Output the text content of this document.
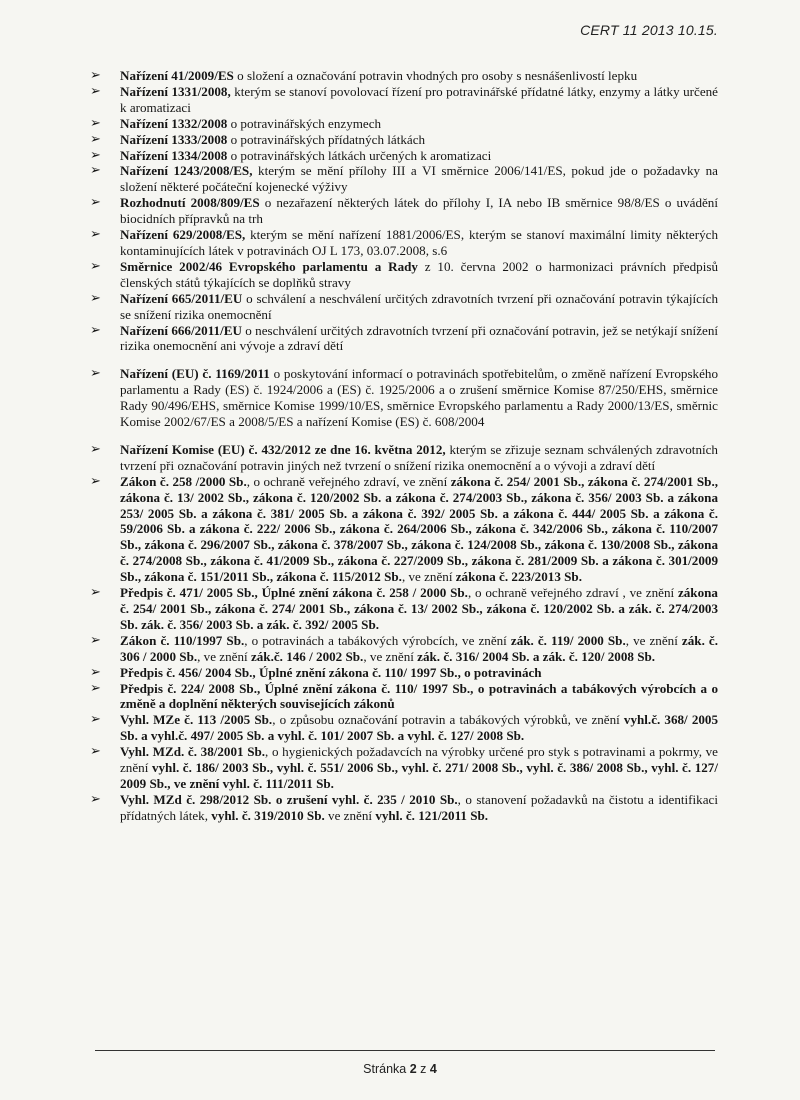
CERT 11 2013 10.15.
➢ Nařízení 41/2009/ES o složení a označování potravin vhodných pro osoby s nesnášenlivostí lepku
➢ Nařízení 1331/2008, kterým se stanoví povolovací řízení pro potravinářské přídatné látky, enzymy a látky určené k aromatizaci
➢ Nařízení 1332/2008 o potravinářských enzymech
➢ Nařízení 1333/2008 o potravinářských přídatných látkách
➢ Nařízení 1334/2008 o potravinářských látkách určených k aromatizaci
➢ Nařízení 1243/2008/ES, kterým se mění přílohy III a VI směrnice 2006/141/ES, pokud jde o požadavky na složení některé počáteční kojenecké výživy
➢ Rozhodnutí 2008/809/ES o nezařazení některých látek do přílohy I, IA nebo IB směrnice 98/8/ES o uvádění biocidních přípravků na trh
➢ Nařízení 629/2008/ES, kterým se mění nařízení 1881/2006/ES, kterým se stanoví maximální limity některých kontaminujících látek v potravinách OJ L 173, 03.07.2008, s.6
➢ Směrnice 2002/46 Evropského parlamentu a Rady z 10. června 2002 o harmonizaci právních předpisů členských států týkajících se doplňků stravy
➢ Nařízení 665/2011/EU o schválení a neschválení určitých zdravotních tvrzení při označování potravin týkajících se snížení rizika onemocnění
➢ Nařízení 666/2011/EU o neschválení určitých zdravotních tvrzení při označování potravin, jež se netýkají snížení rizika onemocnění ani vývoje a zdraví dětí
➢ Nařízení (EU) č. 1169/2011 o poskytování informací o potravinách spotřebitelům, o změně nařízení Evropského parlamentu a Rady (ES) č. 1924/2006 a (ES) č. 1925/2006 a o zrušení směrnice Komise 87/250/EHS, směrnice Rady 90/496/EHS, směrnice Komise 1999/10/ES, směrnice Evropského parlamentu a Rady 2000/13/ES, směrnic Komise 2002/67/ES a 2008/5/ES a nařízení Komise (ES) č. 608/2004
➢ Nařízení Komise (EU) č. 432/2012 ze dne 16. května 2012, kterým se zřizuje seznam schválených zdravotních tvrzení při označování potravin jiných než tvrzení o snížení rizika onemocnění a o vývoji a zdraví dětí
➢ Zákon č. 258 /2000 Sb., o ochraně veřejného zdraví, ve znění zákona č. 254/ 2001 Sb., zákona č. 274/2001 Sb., zákona č. 13/ 2002 Sb., zákona č. 120/2002 Sb. a zákona č. 274/2003 Sb., zákona č. 356/ 2003 Sb. a zákona 253/ 2005 Sb. a zákona č. 381/ 2005 Sb. a zákona č. 392/ 2005 Sb. a zákona č. 444/ 2005 Sb. a zákona č. 59/2006 Sb. a zákona č. 222/ 2006 Sb., zákona č. 264/2006 Sb., zákona č. 342/2006 Sb., zákona č. 110/2007 Sb., zákona č. 296/2007 Sb., zákona č. 378/2007 Sb., zákona č. 124/2008 Sb., zákona č. 130/2008 Sb., zákona č. 274/2008 Sb., zákona č. 41/2009 Sb., zákona č. 227/2009 Sb., zákona č. 281/2009 Sb. a zákona č. 301/2009 Sb., zákona č. 151/2011 Sb., zákona č. 115/2012 Sb., ve znění zákona č. 223/2013 Sb.
➢ Předpis č. 471/ 2005 Sb., Úplné znění zákona č. 258 / 2000 Sb., o ochraně veřejného zdraví , ve znění zákona č. 254/ 2001 Sb., zákona č. 274/ 2001 Sb., zákona č. 13/ 2002 Sb., zákona č. 120/2002 Sb. a zák. č. 274/2003 Sb. zák. č. 356/ 2003 Sb. a zák. č. 392/ 2005 Sb.
➢ Zákon č. 110/1997 Sb., o potravinách a tabákových výrobcích, ve znění zák. č. 119/ 2000 Sb., ve znění zák. č. 306 / 2000 Sb., ve znění zák.č. 146 / 2002 Sb., ve znění zák. č. 316/ 2004 Sb. a zák. č. 120/ 2008 Sb.
➢ Předpis č. 456/ 2004 Sb., Úplné znění zákona č. 110/ 1997 Sb., o potravinách
➢ Předpis č. 224/ 2008 Sb., Úplné znění zákona č. 110/ 1997 Sb., o potravinách a tabákových výrobcích a o změně a doplnění některých souvisejících zákonů
➢ Vyhl. MZe č. 113 /2005 Sb., o způsobu označování potravin a tabákových výrobků, ve znění vyhl.č. 368/ 2005 Sb. a vyhl.č. 497/ 2005 Sb. a vyhl. č. 101/ 2007 Sb. a vyhl. č. 127/ 2008 Sb.
➢ Vyhl. MZd. č. 38/2001 Sb., o hygienických požadavcích na výrobky určené pro styk s potravinami a pokrmy, ve znění vyhl. č. 186/ 2003 Sb., vyhl. č. 551/ 2006 Sb., vyhl. č. 271/ 2008 Sb., vyhl. č. 386/ 2008 Sb., vyhl. č. 127/ 2009 Sb., ve znění vyhl. č. 111/2011 Sb.
➢ Vyhl. MZd č. 298/2012 Sb. o zrušení vyhl. č. 235 / 2010 Sb., o stanovení požadavků na čistotu a identifikaci přídatných látek, vyhl. č. 319/2010 Sb. ve znění vyhl. č. 121/2011 Sb.
Stránka 2 z 4
